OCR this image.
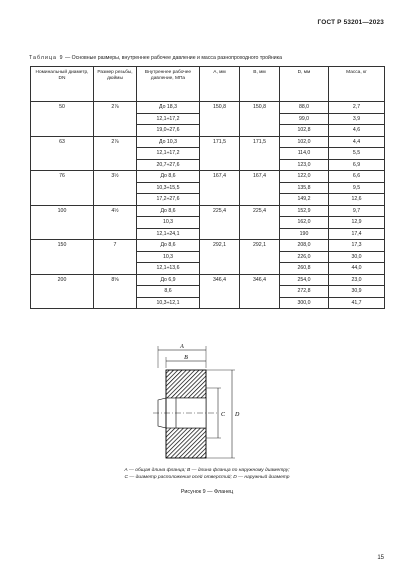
ГОСТ Р 53201—2023
Таблица 9 — Основные размеры, внутреннее рабочее давление и масса разнопроходного тройника
Номинальный диаметр, DN	Размер резьбы, дюймы	Внутреннее рабочее давление, МПа	А, мм	В, мм	D, мм	Масса, кг
50	2⅞	До 18,3	150,8	150,8	88,0	2,7
		12,1÷17,2			99,0	3,9
		19,0÷27,6			102,8	4,6
63	2⅞	До 10,3	171,5	171,5	102,0	4,4
		12,1÷17,2			114,0	5,5
		20,7÷27,6			123,0	6,9
76	3½	До 8,6	167,4	167,4	122,0	6,6
		10,3÷15,5			135,8	9,5
		17,2÷27,6			149,2	12,6
100	4½	До 8,6	225,4	225,4	152,9	9,7
		10,3			162,0	12,9
		12,1÷24,1			190	17,4
150	7	До 8,6	292,1	292,1	208,0	17,3
		10,3			226,0	30,0
		12,1÷13,6			260,8	44,0
200	8⅝	До 6,9	346,4	346,4	254,0	23,0
		8,6			272,8	30,9
		10,3÷12,1			300,0	41,7
A
B
C D
А — общая длина фланца; В — длина фланца по наружному диаметру;
С — диаметр расположения осей отверстий; D — наружный диаметр
Рисунок 9 — Фланец
15
